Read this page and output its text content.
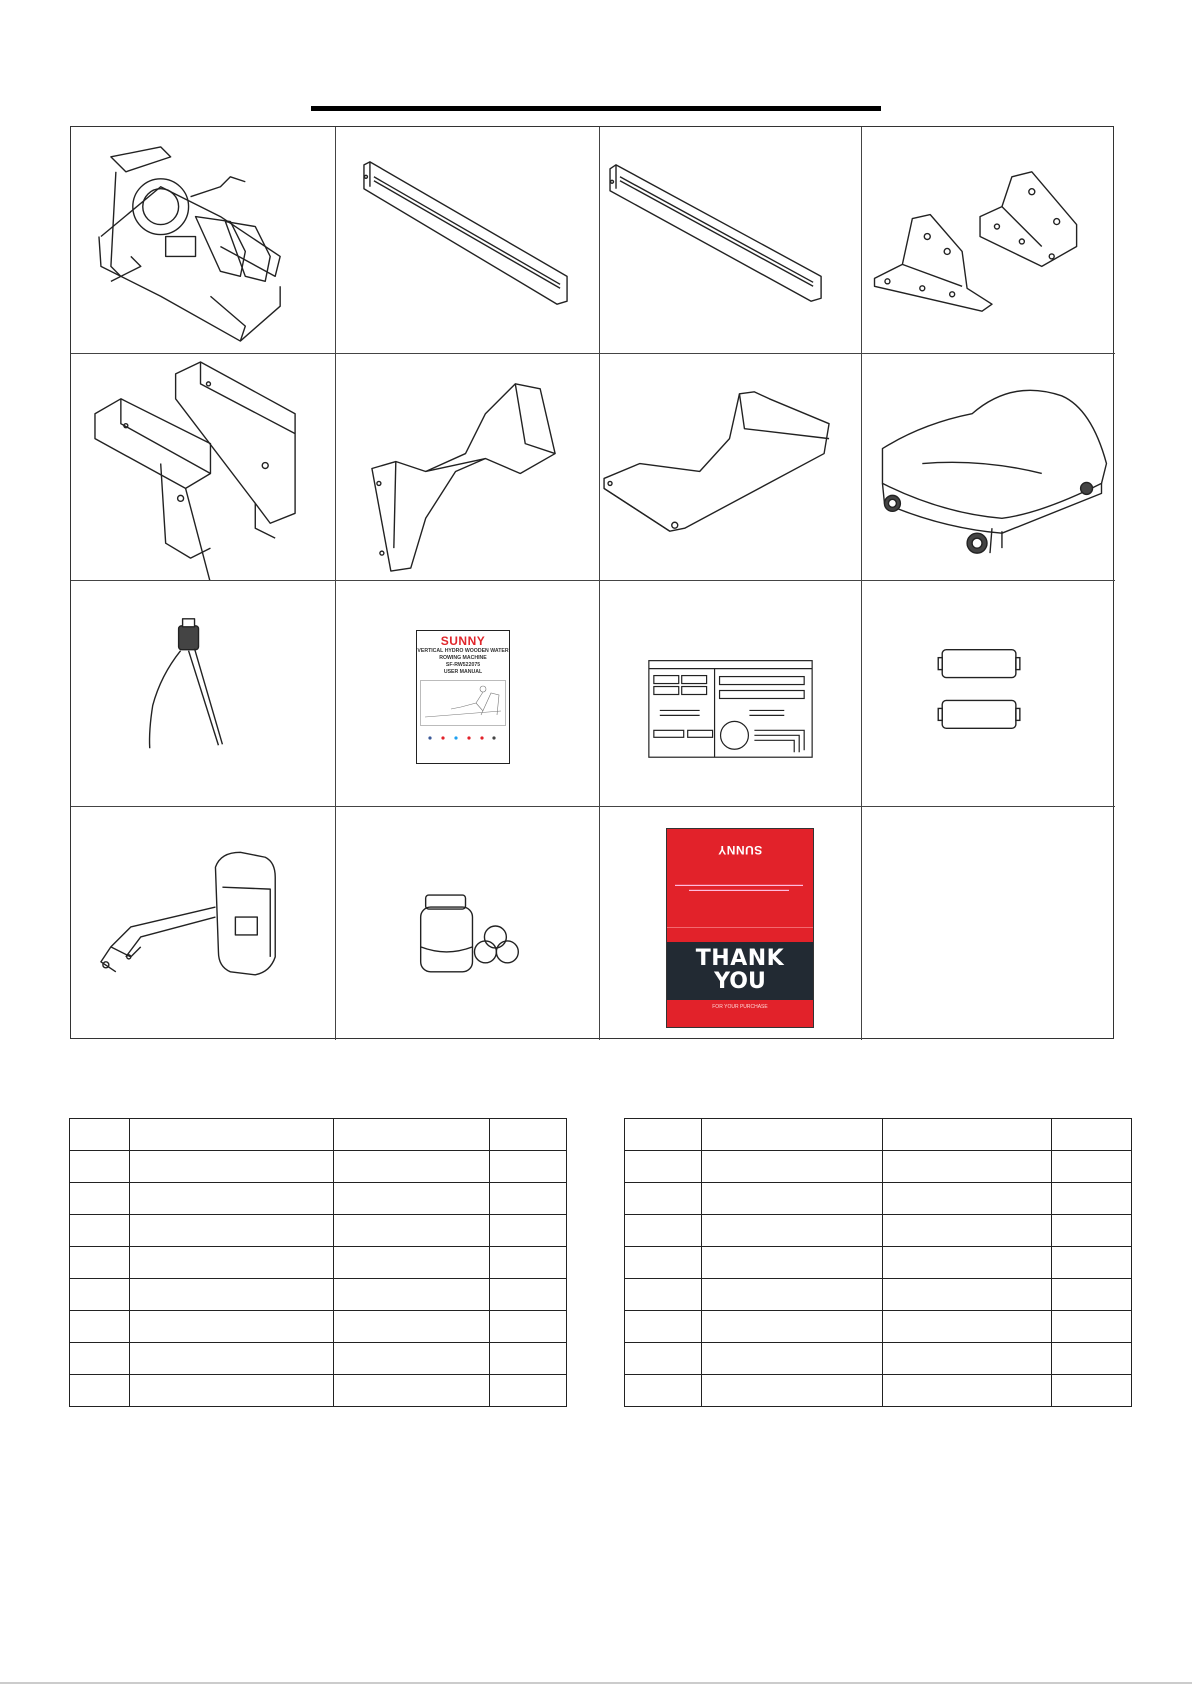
SUNNY
VERTICAL HYDRO WOODEN WATER
ROWING MACHINE
SF-RW522075
USER MANUAL
SUNNY
THANK
YOU
FOR YOUR PURCHASE
